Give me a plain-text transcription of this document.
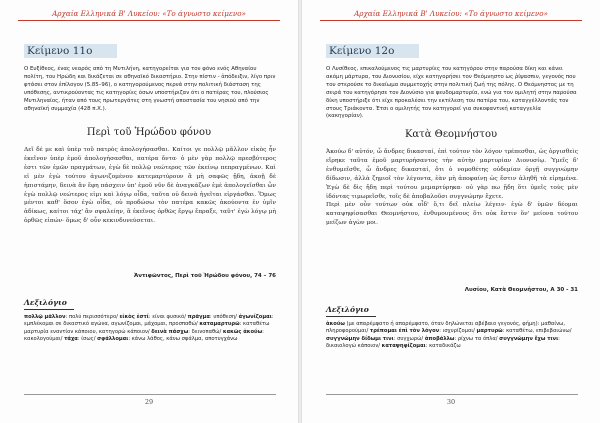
Αρχαία Ελληνικά Β' Λυκείου: «Το άγνωστο κείμενο»
Κείμενο 11ο
Ο Ευξίθεος, ένας νεαρός από τη Μυτιλήνη, κατηγορείται για τον φόνο ενός Αθηναίου πολίτη, του Ηρώδη και δικάζεται σε αθηναϊκό δικαστήριο. Στην πίστιν - ἀπόδειξιν, λίγο πριν φτάσει στον ἐπίλογον (5.85–96), ο κατηγορούμενος περνά στην πολιτική διάσταση της υπόθεσης, αντικρούοντας τις κατηγορίες όσων υποστήριζαν ότι ο πατέρας του, πλούσιος Μυτιληναίος, ήταν από τους πρωτεργάτες στη γνωστή αποστασία του νησιού από την αθηναϊκή συμμαχία (428 π.Χ.).
Περὶ τοῦ Ἡρώδου φόνου
Δεῖ δέ με καὶ ὑπὲρ τοῦ πατρὸς ἀπολογήσασθαι. Καίτοι γε πολλῷ μᾶλλον εἰκὸς ἦν ἐκεῖνον ὑπὲρ ἐμοῦ ἀπολογήσασθαι, πατέρα ὄντα· ὁ μὲν γὰρ πολλῷ πρεσβύτερος ἐστι τῶν ἐμῶν πραγμάτων, ἐγὼ δὲ πολλῷ νεώτερος τῶν ἐκείνῳ πεπραγμένων. Καὶ εἰ μὲν ἐγὼ τούτου ἀγωνιζομένου κατεμαρτύρουν ἃ μὴ σαφῶς ᾔδη, ἀκοῇ δὲ ἠπιστάμην, δεινὰ ἂν ἔφη πάσχειν ὑπ' ἐμοῦ νῦν δὲ ἀναγκάζων ἐμὲ ἀπολογεῖσθαι ὧν ἐγὼ πολλῷ νεώτερος εἰμι καὶ λόγῳ οἶδα, ταῦτα οὐ δεινὰ ἡγεῖται εἰργάσθαι. Ὅμως μέντοι καθ' ὅσον ἐγὼ οἶδα, οὐ προδώσω τὸν πατέρα κακῶς ἀκούοντα ἐν ὑμῖν ἀδίκως, καίτοι τάχ' ἂν σφαλείην, ἃ ἐκεῖνος ὀρθῶς ἔργῳ ἔπραξε, ταῦτ' ἐγὼ λόγῳ μὴ ὀρθῶς εἰπών· ὅμως δ' οὖν κεκινδυνεύσεται.
Ἀντιφῶντος, Περὶ τοῦ Ἡρώδου φόνου, 74 – 76
Λεξιλόγιο
πολλῷ μᾶλλον: πολύ περισσότερο/ εἰκὸς ἐστί: είναι φυσικό/ πρᾶγμα: υπόθεση/ ἀγωνίζομαι: εμπλέκομαι σε δικαστικό αγώνα, αγωνίζομαι, μάχομαι, προσπαθώ/ καταμαρτυρῶ: καταθέτω μαρτυρία εναντίον κάποιου, κατηγορώ κάποιον/ δεινὰ πάσχω: δεινοπαθώ/ κακῶς ἀκούω: κακολογούμαι/ τάχα: ίσως/ σφάλλομαι: κάνω λάθος, κάνω σφάλμα, αποτυγχάνω
29
Αρχαία Ελληνικά Β' Λυκείου: «Το άγνωστο κείμενο»
Κείμενο 12ο
Ο Λυσίθεος, επικαλούμενος τις μαρτυρίες του κατηγόρου στην παρούσα δίκη και κάνει ακόμη μάρτυρα, του Διονυσίου, είχε κατηγορήσει τον Θεόμνηστο ως ῥίψασπιν, γεγονός που του στερούσε το δικαίωμα συμμετοχής στην πολιτική ζωή της πόλης. Ο Θεόμνηστος με τη σειρά του κατηγόρησε τον Διονύσιο για ψευδομαρτυρία, ενώ για τον ομιλητή στην παρούσα δίκη υποστήριξε ότι είχε προκαλέσει την εκτέλεση του πατέρα του, καταγγέλλοντάς τον στους Τριάκοντα. Έτσι ο ομιλητής τον κατηγορεί για συκοφαντική καταγγελία (κακηγορίαν).
Κατὰ Θεομνήστου
Ἀκούω δ' αὐτόν, ὦ ἄνδρες δικασταί, ἐπὶ τούτον τὸν λόγον τρέπεσθαι, ὡς ὀργισθεὶς εἴρηκε ταῦτα ἐμοῦ μαρτυρήσαντος τὴν αὐτὴν μαρτυρίαν Διονυσίῳ. Ὑμεῖς δ' ἐνθυμεῖσθε, ὦ ἄνδρες δικασταί, ὅτι ὁ νομοθέτης οὐδεμίαν ὀργῇ συγγνώμην δίδωσιν, ἀλλὰ ζημιοῖ τὸν λέγοντα, ἐὰν μὴ ἀποφαίνῃ ὡς ἔστιν ἀληθῆ τὰ εἰρημένα. Ἐγὼ δὲ δὶς ἤδη περὶ τούτου μεμαρτύρηκα· οὐ γὰρ πω ᾔδη ὅτι ὑμεῖς τοὺς μὲν ἰδόντας τιμωρεῖσθε, τοῖς δὲ ἀποβαλοῦσι συγγνώμην ἔχετε.
Περὶ μὲν οὖν τούτων οὐκ οἶδ' ὅ,τι δεῖ πλείω λέγειν· ἐγὼ δ' ὑμῶν δέομαι καταψηφίσασθαι Θεομνήστου, ἐνθυμουμένους ὅτι οὐκ ἔστιν ὅν' μείονα τούτου μείζων ἀγὼν μοι.
Λυσίου, Κατὰ Θεομνήστου, Α 30 - 31
Λεξιλόγιο
ἀκούω (με απαρέμφατο ή απαρέμφατο, όταν δηλώνεται αβέβαιο γεγονός, φήμη): μαθαίνω, πληροφορούμαι/ τρέπομαι ἐπὶ τὸν λόγον: ισχυρίζομαι/ μαρτυρῶ: καταθέτω, επιβεβαιώνω/ συγγνώμην δίδωμι τινι: συγχωρώ/ ἀποβάλλω: ρίχνω τα όπλα/ συγγνώμην ἔχω τινι: δικαιολογώ κάποιον/ καταψηφίζομαι: καταδικάζω
30
